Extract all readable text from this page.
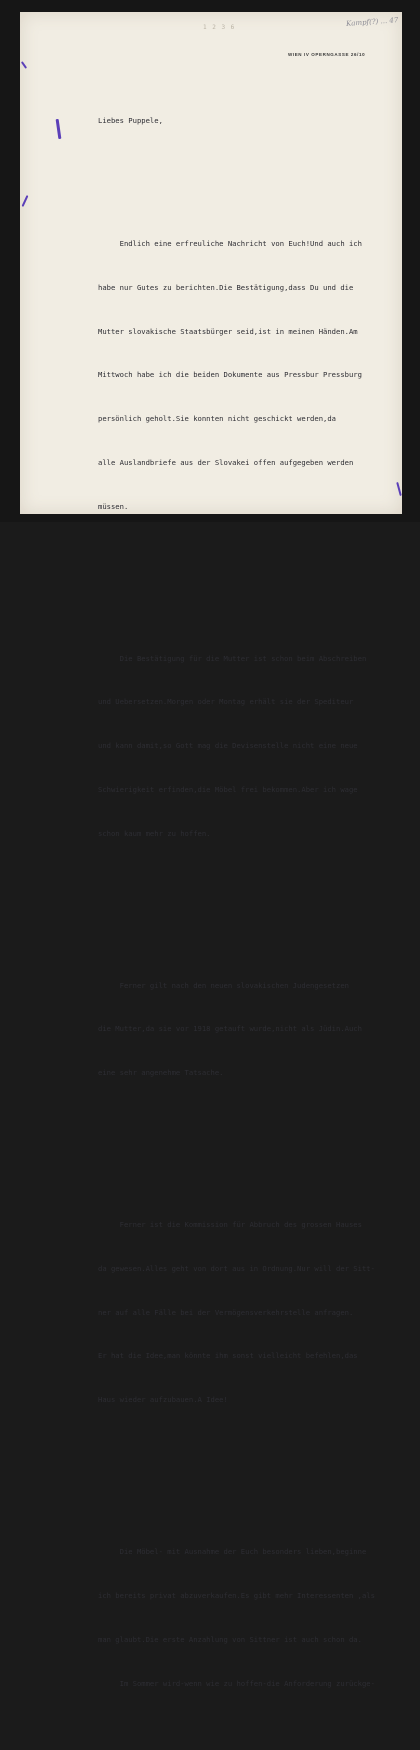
Kampf(?) ... 47
1 2 3 6
WIEN IV OPERNGASSE 26/10

Liebes Puppele,

Endlich eine erfreuliche Nachricht von Euch!Und auch ich

habe nur Gutes zu berichten.Die Bestätigung,dass Du und die

Mutter slovakische Staatsbürger seid,ist in meinen Händen.Am

Mittwoch habe ich die beiden Dokumente aus Pressbur Pressburg

persönlich geholt.Sie konnten nicht geschickt werden,da

alle Auslandbriefe aus der Slovakei offen aufgegeben werden

müssen.

Die Bestätigung für die Mutter ist schon beim Abschreiben

und Uebersetzen.Morgen oder Montag erhält sie der Spediteur

und kann damit,so Gott mag die Devisenstelle nicht eine neue

Schwierigkeit erfinden,die Möbel frei bekommen.Aber ich wage

schon kaum mehr zu hoffen.

Ferner gilt nach den neuen slovakischen Judengesetzen

die Mutter,da sie vor 1918 getauft wurde,nicht als Jüdin.Auch

eine sehr angenehme Tatsache.

Ferner ist die Kommission für Abbruch des grossen Hauses

da gewesen.Alles geht von dort aus in Ordnung.Nur will der Sitt-

ner auf alle Fälle bei der Vermögensverkehrstelle anfragen.

Er hat die Idee,man könnte ihm sonst vielleicht befehlen,das

Haus wieder aufzubauen.A Idee!

Die Möbel- mit Ausnahme der Euch besonders lieben,beginne

ich bereits privat abzuverkaufen.Es gibt mehr Interessenten ,als

man glaubt.Die erste Anzahlung von Sittner ist auch schon da.

Im Sommer wird-wenn wie zu hoffen-die Anforderung zurückge-
